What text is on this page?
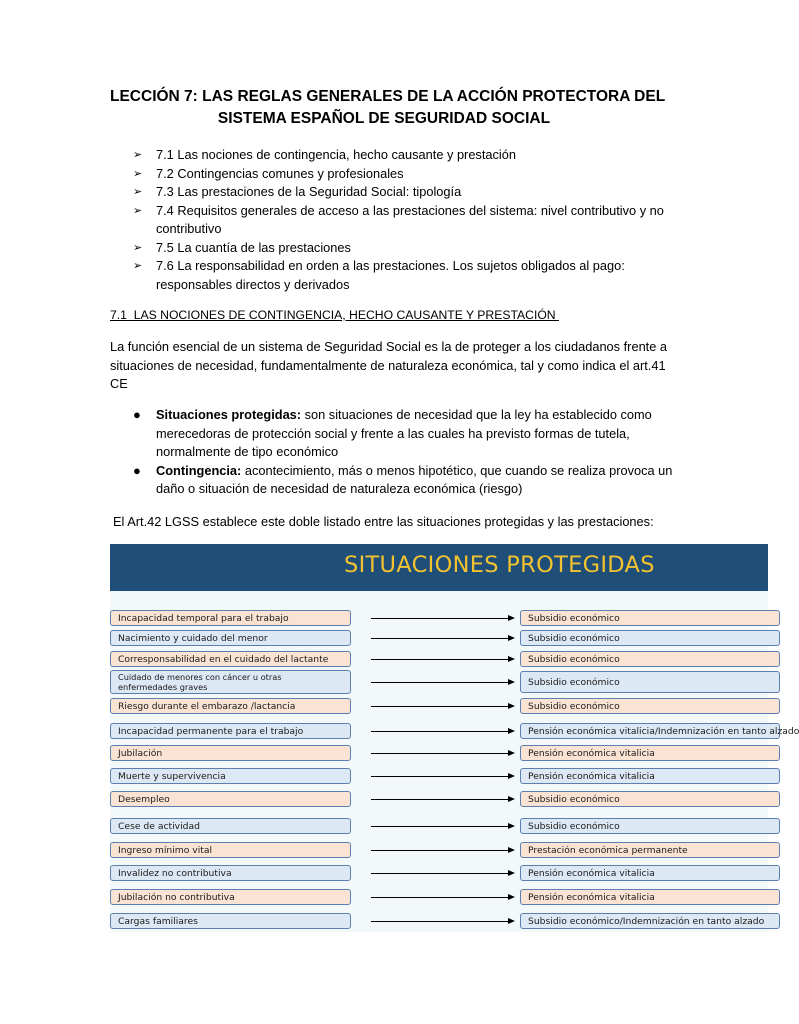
LECCIÓN 7: LAS REGLAS GENERALES DE LA ACCIÓN PROTECTORA DEL
SISTEMA ESPAÑOL DE SEGURIDAD SOCIAL
➢ 7.1 Las nociones de contingencia, hecho causante y prestación
➢ 7.2 Contingencias comunes y profesionales
➢ 7.3 Las prestaciones de la Seguridad Social: tipología
➢ 7.4 Requisitos generales de acceso a las prestaciones del sistema: nivel contributivo y no contributivo
➢ 7.5 La cuantía de las prestaciones
➢ 7.6 La responsabilidad en orden a las prestaciones. Los sujetos obligados al pago: responsables directos y derivados
7.1  LAS NOCIONES DE CONTINGENCIA, HECHO CAUSANTE Y PRESTACIÓN
La función esencial de un sistema de Seguridad Social es la de proteger a los ciudadanos frente a situaciones de necesidad, fundamentalmente de naturaleza económica, tal y como indica el art.41 CE
● Situaciones protegidas: son situaciones de necesidad que la ley ha establecido como merecedoras de protección social y frente a las cuales ha previsto formas de tutela, normalmente de tipo económico
● Contingencia: acontecimiento, más o menos hipotético, que cuando se realiza provoca un daño o situación de necesidad de naturaleza económica (riesgo)
El Art.42 LGSS establece este doble listado entre las situaciones protegidas y las prestaciones:
SITUACIONES PROTEGIDAS
Incapacidad temporal para el trabajo	Subsidio económico
Nacimiento y cuidado del menor	Subsidio económico
Corresponsabilidad en el cuidado del lactante	Subsidio económico
Cuidado de menores con cáncer u otras enfermedades graves	Subsidio económico
Riesgo durante el embarazo /lactancia	Subsidio económico
Incapacidad permanente para el trabajo	Pensión económica vitalicia/Indemnización en tanto alzado
Jubilación	Pensión económica vitalicia
Muerte y supervivencia	Pensión económica vitalicia
Desempleo	Subsidio económico
Cese de actividad	Subsidio económico
Ingreso mínimo vital	Prestación económica permanente
Invalidez no contributiva	Pensión económica vitalicia
Jubilación no contributiva	Pensión económica vitalicia
Cargas familiares	Subsidio económico/Indemnización en tanto alzado
